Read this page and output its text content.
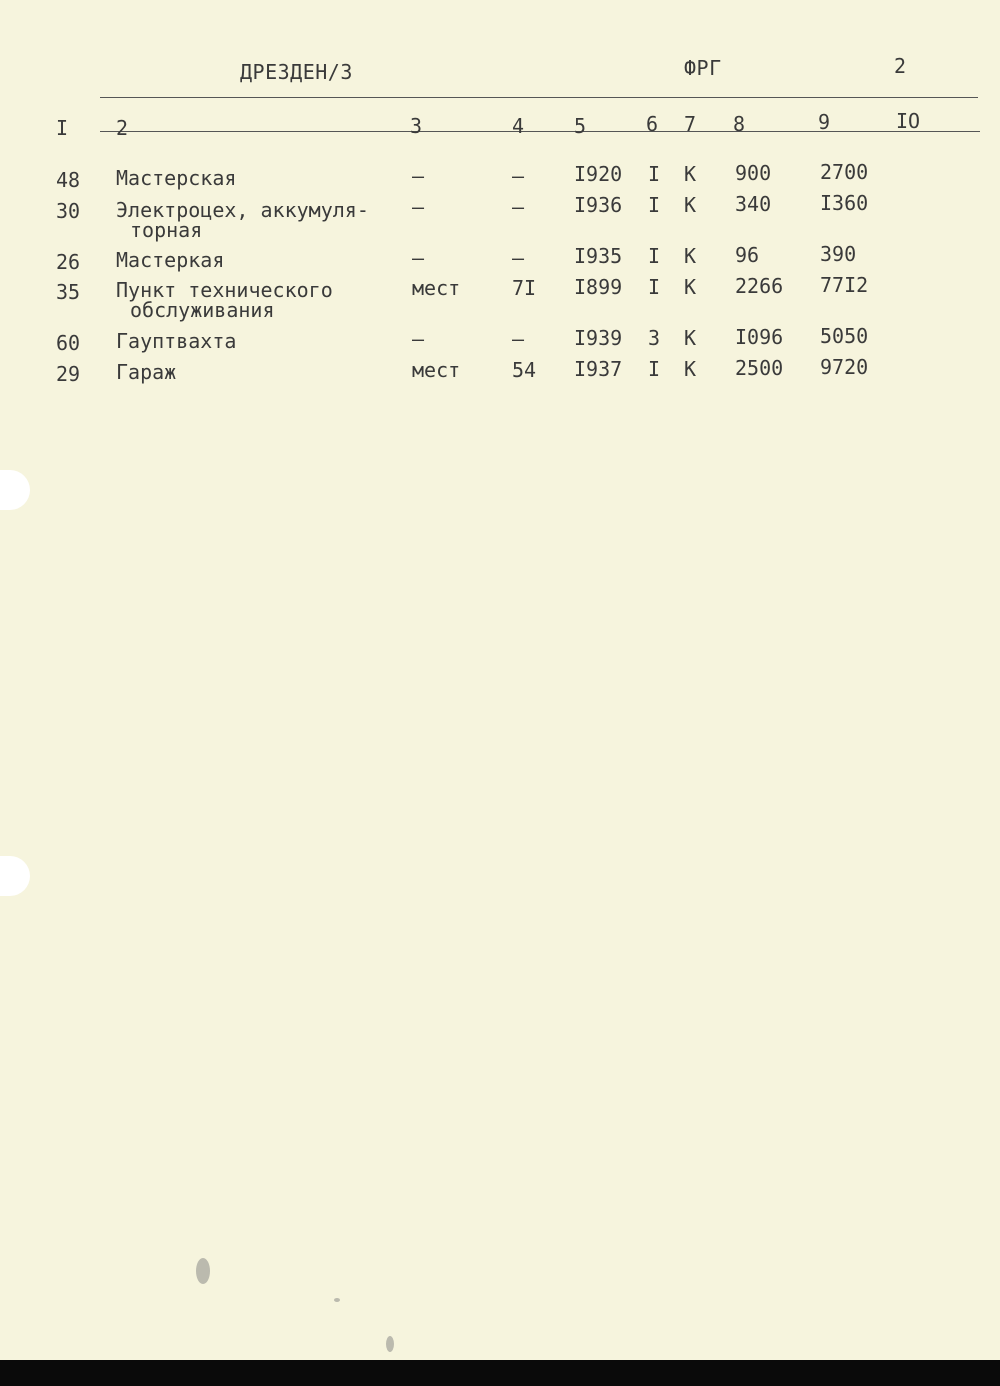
ДРЕЗДЕН/3	ФРГ	2
I 2	3	4 5	6 7 8	9	IO
48 Мастерская	–	– I920 I К 900 2700
30 Электроцех, аккумуля-
торная
–	– I936 I К 340 I360
26 Мастеркая	–	– I935 I К 96	390
35 Пункт технического
обслуживания
мест	7I I899 I К 2266 77I2
60 Гауптвахта	–	– I939 3 К I096 5050
29 Гараж	мест	54 I937 I К 2500 9720
